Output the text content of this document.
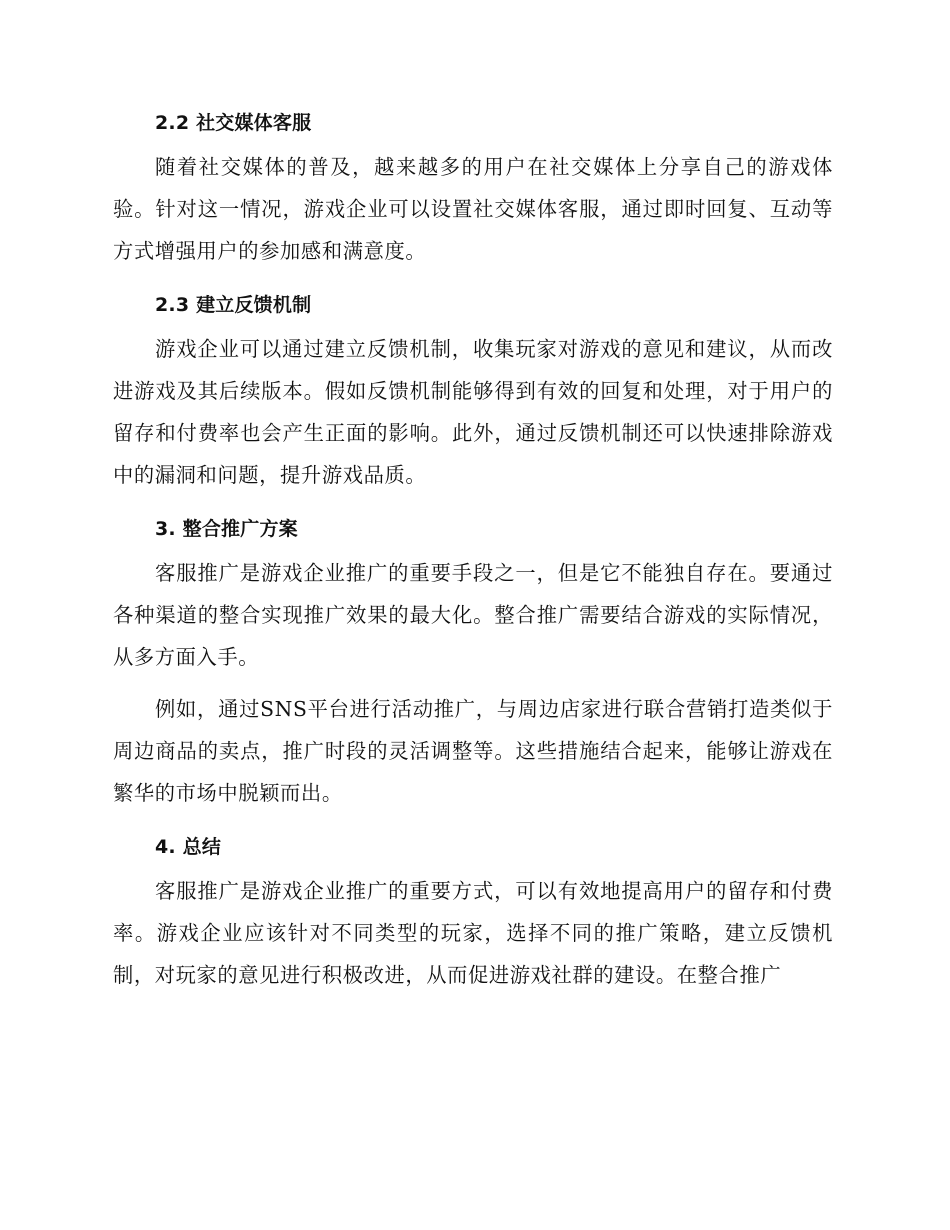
2.2 社交媒体客服

随着社交媒体的普及，越来越多的用户在社交媒体上分享自己的游戏体验。针对这一情况，游戏企业可以设置社交媒体客服，通过即时回复、互动等方式增强用户的参加感和满意度。

2.3 建立反馈机制

游戏企业可以通过建立反馈机制，收集玩家对游戏的意见和建议，从而改进游戏及其后续版本。假如反馈机制能够得到有效的回复和处理，对于用户的留存和付费率也会产生正面的影响。此外，通过反馈机制还可以快速排除游戏中的漏洞和问题，提升游戏品质。

3. 整合推广方案

客服推广是游戏企业推广的重要手段之一，但是它不能独自存在。要通过各种渠道的整合实现推广效果的最大化。整合推广需要结合游戏的实际情况，从多方面入手。

例如，通过SNS平台进行活动推广，与周边店家进行联合营销打造类似于周边商品的卖点，推广时段的灵活调整等。这些措施结合起来，能够让游戏在繁华的市场中脱颖而出。

4. 总结

客服推广是游戏企业推广的重要方式，可以有效地提高用户的留存和付费率。游戏企业应该针对不同类型的玩家，选择不同的推广策略，建立反馈机制，对玩家的意见进行积极改进，从而促进游戏社群的建设。在整合推广
